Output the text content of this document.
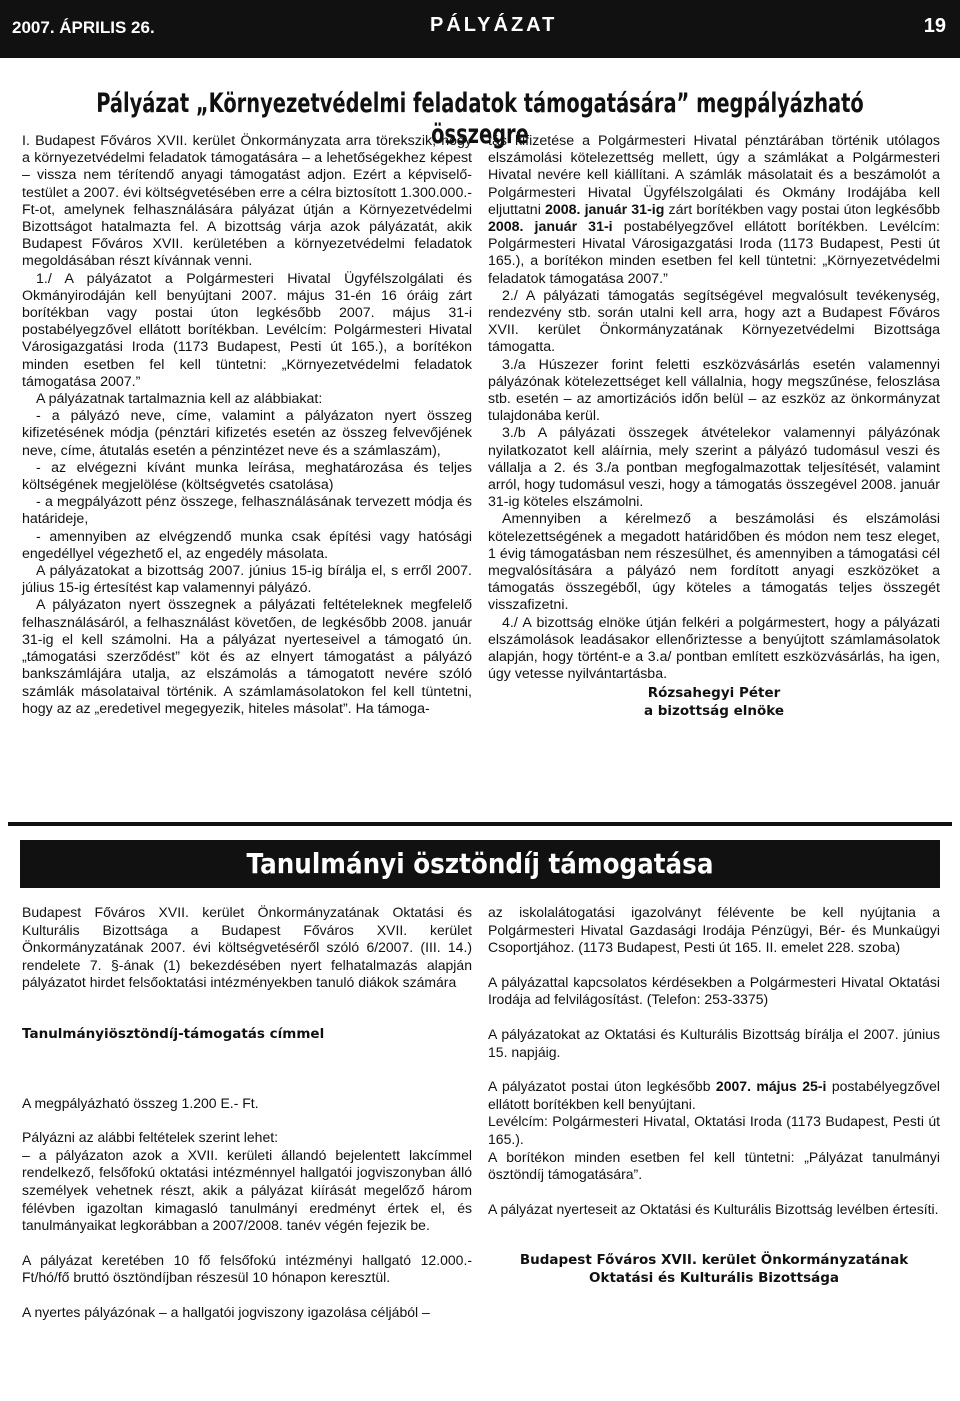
2007. ÁPRILIS 26.	PÁLYÁZAT	19
Pályázat „Környezetvédelmi feladatok támogatására” megpályázható összegre

I. Budapest Főváros XVII. kerület Önkormányzata arra törekszik, hogy a környezetvédelmi feladatok támogatására – a lehetőségekhez képest – vissza nem térítendő anyagi támogatást adjon. Ezért a képviselő-testület a 2007. évi költségvetésében erre a célra biztosított 1.300.000.-Ft-ot, amelynek felhasználására pályázat útján a Környezetvédelmi Bizottságot hatalmazta fel. A bizottság várja azok pályázatát, akik Budapest Főváros XVII. kerületében a környezetvédelmi feladatok megoldásában részt kívánnak venni.

1./ A pályázatot a Polgármesteri Hivatal Ügyfélszolgálati és Okmányirodáján kell benyújtani 2007. május 31-én 16 óráig zárt borítékban vagy postai úton legkésőbb 2007. május 31-i postabélyegzővel ellátott borítékban. Levélcím: Polgármesteri Hivatal Városigazgatási Iroda (1173 Budapest, Pesti út 165.), a borítékon minden esetben fel kell tüntetni: „Környezetvédelmi feladatok támogatása 2007.”

A pályázatnak tartalmaznia kell az alábbiakat:

- a pályázó neve, címe, valamint a pályázaton nyert összeg kifizetésének módja (pénztári kifizetés esetén az összeg felvevőjének neve, címe, átutalás esetén a pénzintézet neve és a számlaszám),

- az elvégezni kívánt munka leírása, meghatározása és teljes költségének megjelölése (költségvetés csatolása)

- a megpályázott pénz összege, felhasználásának tervezett módja és határideje,

- amennyiben az elvégzendő munka csak építési vagy hatósági engedéllyel végezhető el, az engedély másolata.

A pályázatokat a bizottság 2007. június 15-ig bírálja el, s erről 2007. július 15-ig értesítést kap valamennyi pályázó.

A pályázaton nyert összegnek a pályázati feltételeknek megfelelő felhasználásáról, a felhasználást követően, de legkésőbb 2008. január 31-ig el kell számolni. Ha a pályázat nyerteseivel a támogató ún. „támogatási szerződést” köt és az elnyert támogatást a pályázó bankszámlájára utalja, az elszámolás a támogatott nevére szóló számlák másolataival történik. A számlamásolatokon fel kell tüntetni, hogy az az „eredetivel megegyezik, hiteles másolat”. Ha támoga-

tás kifizetése a Polgármesteri Hivatal pénztárában történik utólagos elszámolási kötelezettség mellett, úgy a számlákat a Polgármesteri Hivatal nevére kell kiállítani. A számlák másolatait és a beszámolót a Polgármesteri Hivatal Ügyfélszolgálati és Okmány Irodájába kell eljuttatni 2008. január 31-ig zárt borítékben vagy postai úton legkésőbb 2008. január 31-i postabélyegzővel ellátott borítékben. Levélcím: Polgármesteri Hivatal Városigazgatási Iroda (1173 Budapest, Pesti út 165.), a borítékon minden esetben fel kell tüntetni: „Környezetvédelmi feladatok támogatása 2007.”

2./ A pályázati támogatás segítségével megvalósult tevékenység, rendezvény stb. során utalni kell arra, hogy azt a Budapest Főváros XVII. kerület Önkormányzatának Környezetvédelmi Bizottsága támogatta.

3./a Húszezer forint feletti eszközvásárlás esetén valamennyi pályázónak kötelezettséget kell vállalnia, hogy megszűnése, feloszlása stb. esetén – az amortizációs időn belül – az eszköz az önkormányzat tulajdonába kerül.

3./b A pályázati összegek átvételekor valamennyi pályázónak nyilatkozatot kell aláírnia, mely szerint a pályázó tudomásul veszi és vállalja a 2. és 3./a pontban megfogalmazottak teljesítését, valamint arról, hogy tudomásul veszi, hogy a támogatás összegével 2008. január 31-ig köteles elszámolni.

Amennyiben a kérelmező a beszámolási és elszámolási kötelezettségének a megadott határidőben és módon nem tesz eleget, 1 évig támogatásban nem részesülhet, és amennyiben a támogatási cél megvalósítására a pályázó nem fordított anyagi eszközöket a támogatás összegéből, úgy köteles a támogatás teljes összegét visszafizetni.

4./ A bizottság elnöke útján felkéri a polgármestert, hogy a pályázati elszámolások leadásakor ellenőriztesse a benyújtott számlamásolatok alapján, hogy történt-e a 3.a/ pontban említett eszközvásárlás, ha igen, úgy vetesse nyilvántartásba.

Rózsahegyi Péter
a bizottság elnöke
Tanulmányi ösztöndíj támogatása

Budapest Főváros XVII. kerület Önkormányzatának Oktatási és Kulturális Bizottsága a Budapest Főváros XVII. kerület Önkormányzatának 2007. évi költségvetéséről szóló 6/2007. (III. 14.) rendelete 7. §-ának (1) bekezdésében nyert felhatalmazás alapján pályázatot hirdet felsőoktatási intézményekben tanuló diákok számára

Tanulmányiösztöndíj-támogatás címmel

A megpályázható összeg 1.200 E.- Ft.

Pályázni az alábbi feltételek szerint lehet:

– a pályázaton azok a XVII. kerületi állandó bejelentett lakcímmel rendelkező, felsőfokú oktatási intézménnyel hallgatói jogviszonyban álló személyek vehetnek részt, akik a pályázat kiírását megelőző három félévben igazoltan kimagasló tanulmányi eredményt értek el, és tanulmányaikat legkorábban a 2007/2008. tanév végén fejezik be.

A pályázat keretében 10 fő felsőfokú intézményi hallgató 12.000.- Ft/hó/fő bruttó ösztöndíjban részesül 10 hónapon keresztül.

A nyertes pályázónak – a hallgatói jogviszony igazolása céljából –

az iskolalátogatási igazolványt félévente be kell nyújtania a Polgármesteri Hivatal Gazdasági Irodája Pénzügyi, Bér- és Munkaügyi Csoportjához. (1173 Budapest, Pesti út 165. II. emelet 228. szoba)

A pályázattal kapcsolatos kérdésekben a Polgármesteri Hivatal Oktatási Irodája ad felvilágosítást. (Telefon: 253-3375)

A pályázatokat az Oktatási és Kulturális Bizottság bírálja el 2007. június 15. napjáig.

A pályázatot postai úton legkésőbb 2007. május 25-i postabélyegzővel ellátott borítékben kell benyújtani.

Levélcím: Polgármesteri Hivatal, Oktatási Iroda (1173 Budapest, Pesti út 165.).

A borítékon minden esetben fel kell tüntetni: „Pályázat tanulmányi ösztöndíj támogatására”.

A pályázat nyerteseit az Oktatási és Kulturális Bizottság levélben értesíti.

Budapest Főváros XVII. kerület Önkormányzatának
Oktatási és Kulturális Bizottsága
